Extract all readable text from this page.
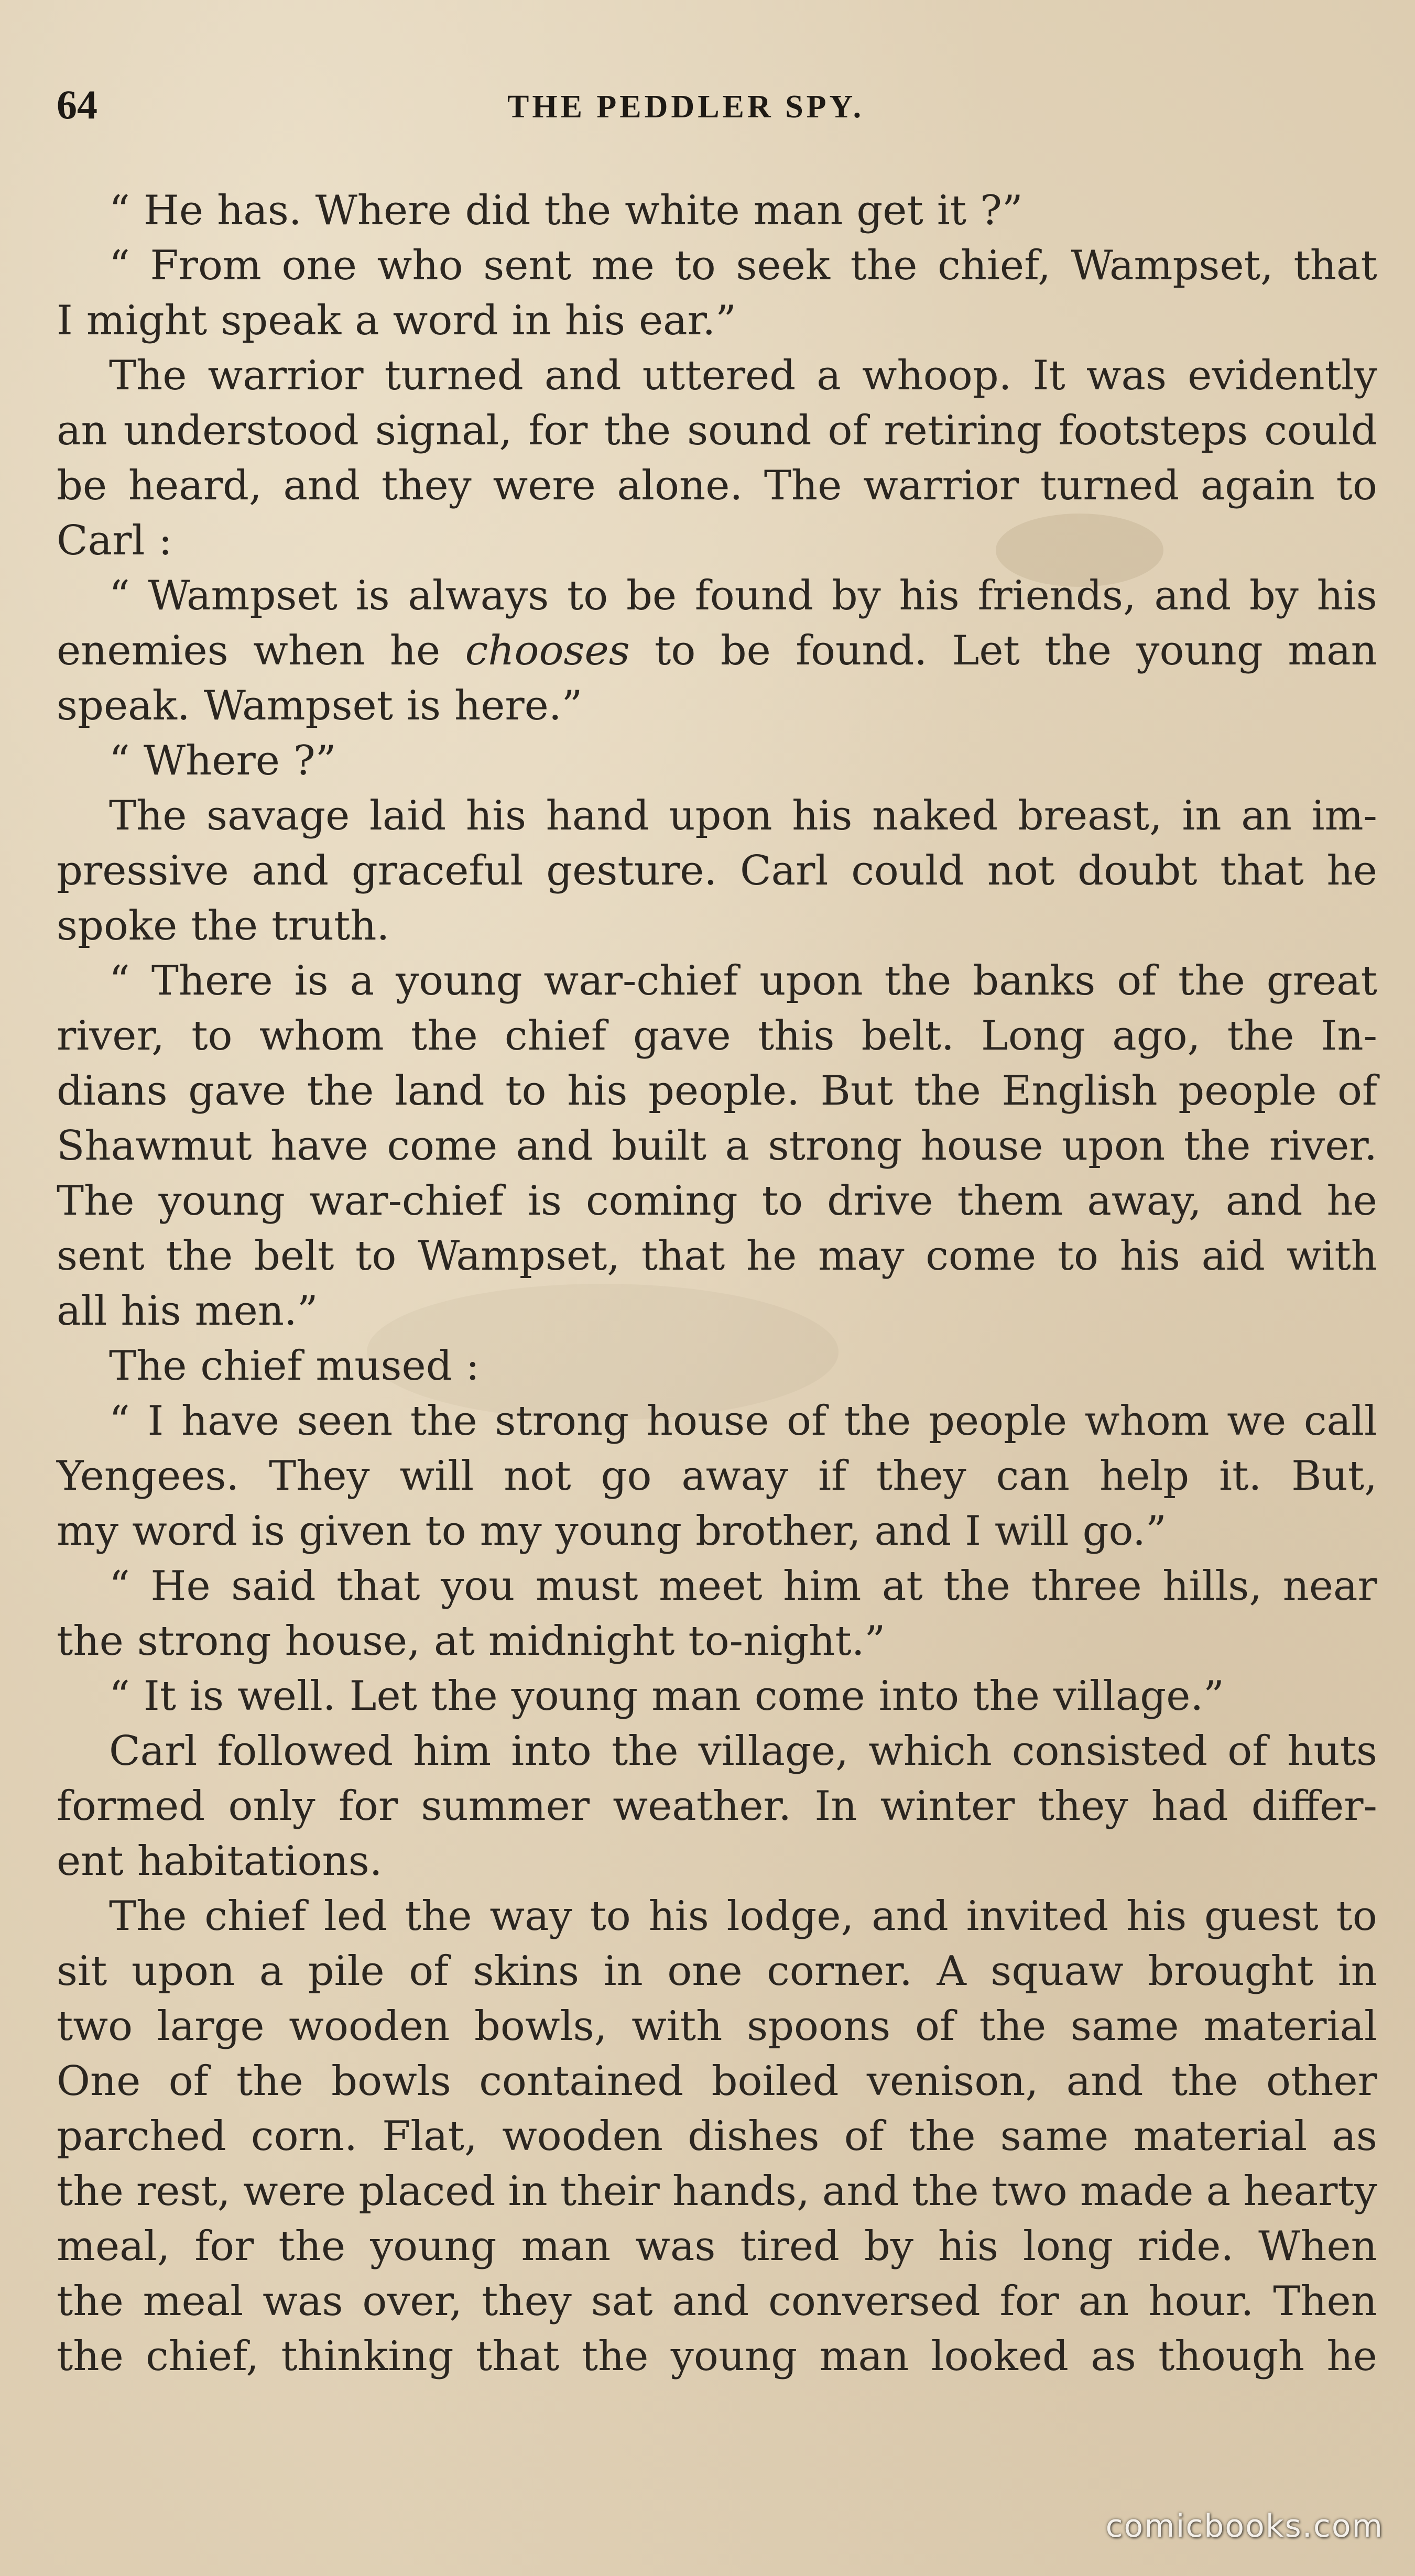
64	THE PEDDLER SPY.
“ He has. Where did the white man get it ?”
“ From one who sent me to seek the chief, Wampset, that
I might speak a word in his ear.”
The warrior turned and uttered a whoop. It was evidently
an understood signal, for the sound of retiring footsteps could
be heard, and they were alone. The warrior turned again to
Carl :
“ Wampset is always to be found by his friends, and by his
enemies when he chooses to be found. Let the young man
speak. Wampset is here.”
“ Where ?”
The savage laid his hand upon his naked breast, in an im-
pressive and graceful gesture. Carl could not doubt that he
spoke the truth.
“ There is a young war-chief upon the banks of the great
river, to whom the chief gave this belt. Long ago, the In-
dians gave the land to his people. But the English people of
Shawmut have come and built a strong house upon the river.
The young war-chief is coming to drive them away, and he
sent the belt to Wampset, that he may come to his aid with
all his men.”
The chief mused :
“ I have seen the strong house of the people whom we call
Yengees. They will not go away if they can help it. But,
my word is given to my young brother, and I will go.”
“ He said that you must meet him at the three hills, near
the strong house, at midnight to-night.”
“ It is well. Let the young man come into the village.”
Carl followed him into the village, which consisted of huts
formed only for summer weather. In winter they had differ-
ent habitations.
The chief led the way to his lodge, and invited his guest to
sit upon a pile of skins in one corner. A squaw brought in
two large wooden bowls, with spoons of the same material
One of the bowls contained boiled venison, and the other
parched corn. Flat, wooden dishes of the same material as
the rest, were placed in their hands, and the two made a hearty
meal, for the young man was tired by his long ride. When
the meal was over, they sat and conversed for an hour. Then
the chief, thinking that the young man looked as though he
comicbooks.com
